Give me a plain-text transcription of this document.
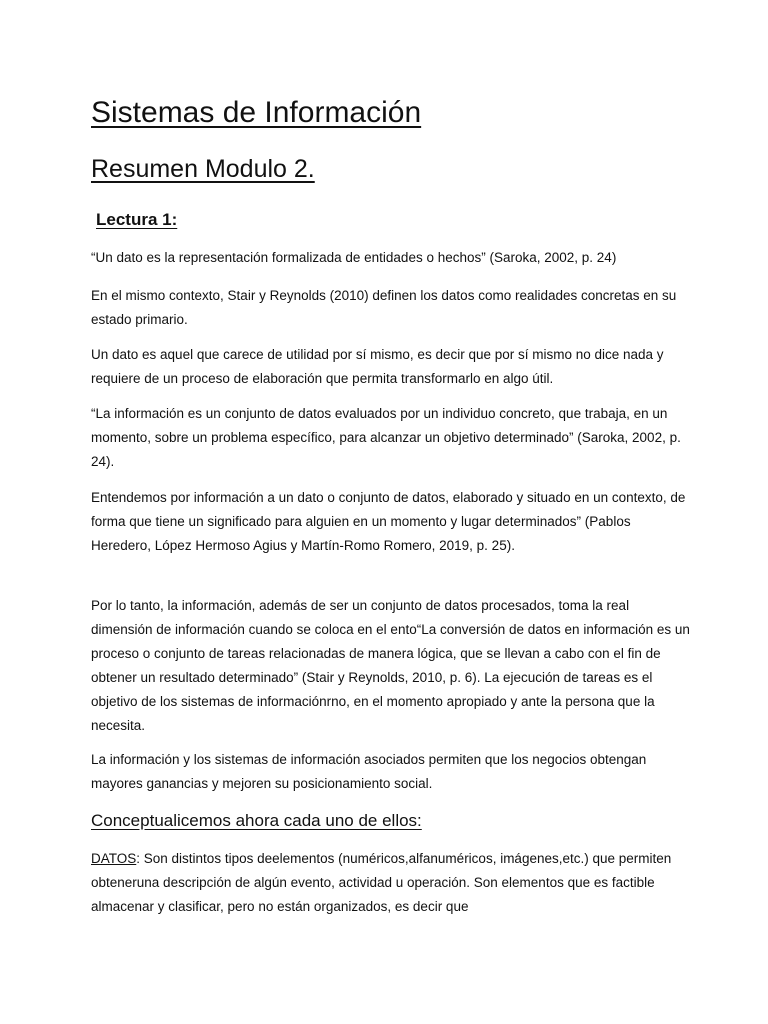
Sistemas de Información
Resumen Modulo 2.
Lectura 1:

“Un dato es la representación formalizada de entidades o hechos” (Saroka, 2002, p. 24)

En el mismo contexto, Stair y Reynolds (2010) definen los datos como realidades concretas en su estado primario.

Un dato es aquel que carece de utilidad por sí mismo, es decir que por sí mismo no dice nada y requiere de un proceso de elaboración que permita transformarlo en algo útil.

“La información es un conjunto de datos evaluados por un individuo concreto, que trabaja, en un momento, sobre un problema específico, para alcanzar un objetivo determinado” (Saroka, 2002, p. 24).

Entendemos por información a un dato o conjunto de datos, elaborado y situado en un contexto, de forma que tiene un significado para alguien en un momento y lugar determinados” (Pablos Heredero, López Hermoso Agius y Martín-Romo Romero, 2019, p. 25).

Por lo tanto, la información, además de ser un conjunto de datos procesados, toma la real dimensión de información cuando se coloca en el ento“La conversión de datos en información es un proceso o conjunto de tareas relacionadas de manera lógica, que se llevan a cabo con el fin de obtener un resultado determinado” (Stair y Reynolds, 2010, p. 6). La ejecución de tareas es el objetivo de los sistemas de informaciónrno, en el momento apropiado y ante la persona que la necesita.

La información y los sistemas de información asociados permiten que los negocios obtengan mayores ganancias y mejoren su posicionamiento social.

Conceptualicemos ahora cada uno de ellos:

DATOS: Son distintos tipos deelementos (numéricos,alfanuméricos, imágenes,etc.) que permiten obteneruna descripción de algún evento, actividad u operación. Son elementos que es factible almacenar y clasificar, pero no están organizados, es decir que
